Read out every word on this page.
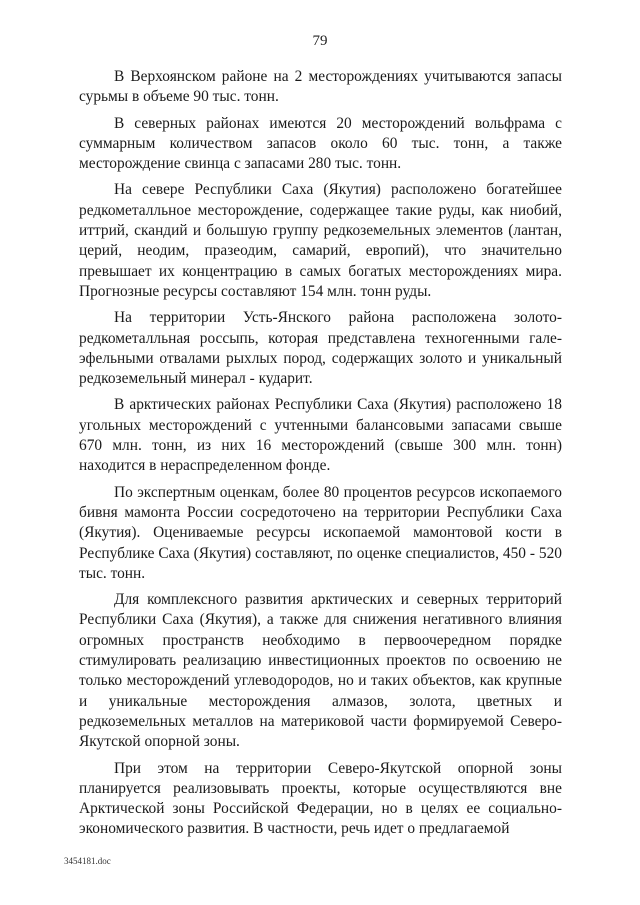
79

В Верхоянском районе на 2 месторождениях учитываются запасы сурьмы в объеме 90 тыс. тонн.

В северных районах имеются 20 месторождений вольфрама с суммарным количеством запасов около 60 тыс. тонн, а также месторождение свинца с запасами 280 тыс. тонн.

На севере Республики Саха (Якутия) расположено богатейшее редкометалльное месторождение, содержащее такие руды, как ниобий, иттрий, скандий и большую группу редкоземельных элементов (лантан, церий, неодим, празеодим, самарий, европий), что значительно превышает их концентрацию в самых богатых месторождениях мира. Прогнозные ресурсы составляют 154 млн. тонн руды.

На территории Усть-Янского района расположена золото-редкометалльная россыпь, которая представлена техногенными гале-эфельными отвалами рыхлых пород, содержащих золото и уникальный редкоземельный минерал - кударит.

В арктических районах Республики Саха (Якутия) расположено 18 угольных месторождений с учтенными балансовыми запасами свыше 670 млн. тонн, из них 16 месторождений (свыше 300 млн. тонн) находится в нераспределенном фонде.

По экспертным оценкам, более 80 процентов ресурсов ископаемого бивня мамонта России сосредоточено на территории Республики Саха (Якутия). Оцениваемые ресурсы ископаемой мамонтовой кости в Республике Саха (Якутия) составляют, по оценке специалистов, 450 - 520 тыс. тонн.

Для комплексного развития арктических и северных территорий Республики Саха (Якутия), а также для снижения негативного влияния огромных пространств необходимо в первоочередном порядке стимулировать реализацию инвестиционных проектов по освоению не только месторождений углеводородов, но и таких объектов, как крупные и уникальные месторождения алмазов, золота, цветных и редкоземельных металлов на материковой части формируемой Северо-Якутской опорной зоны.

При этом на территории Северо-Якутской опорной зоны планируется реализовывать проекты, которые осуществляются вне Арктической зоны Российской Федерации, но в целях ее социально-экономического развития. В частности, речь идет о предлагаемой

3454181.doc
